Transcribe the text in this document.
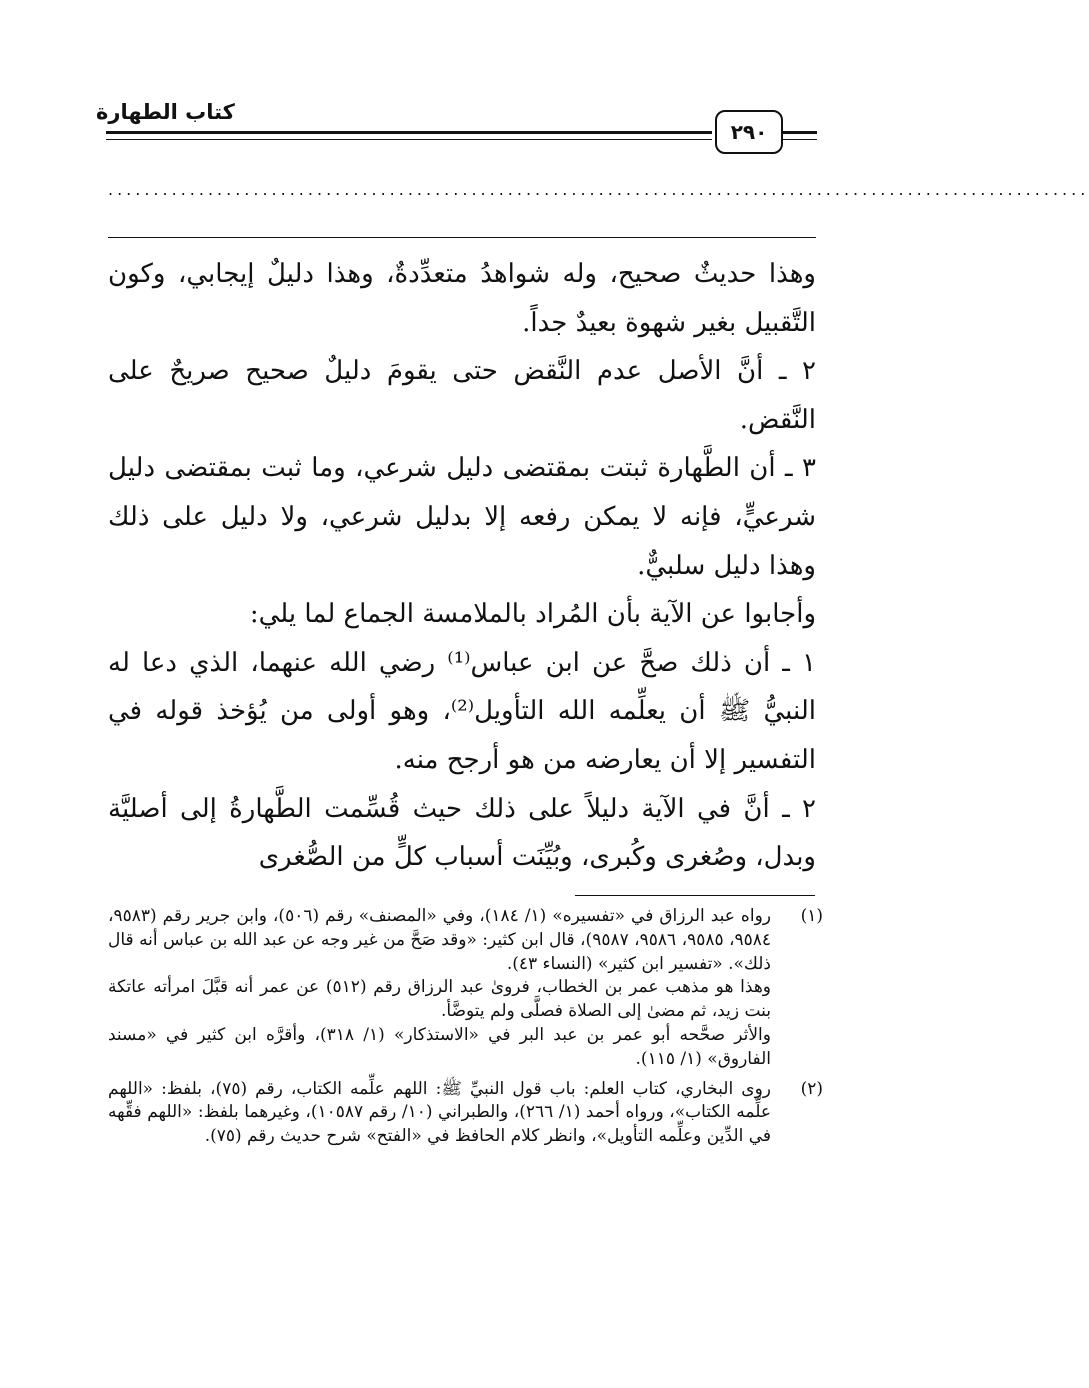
كتاب الطهارة
٢٩٠
............................................................................................................

وهذا حديثٌ صحيح، وله شواهدُ متعدِّدةٌ، وهذا دليلٌ إيجابي، وكون التَّقبيل بغير شهوة بعيدٌ جداً.

٢ ـ أنَّ الأصل عدم النَّقض حتى يقومَ دليلٌ صحيح صريحٌ على النَّقض.

٣ ـ أن الطَّهارة ثبتت بمقتضى دليل شرعي، وما ثبت بمقتضى دليل شرعيٍّ، فإنه لا يمكن رفعه إلا بدليل شرعي، ولا دليل على ذلك وهذا دليل سلبيٌّ.

وأجابوا عن الآية بأن المُراد بالملامسة الجماع لما يلي:

١ ـ أن ذلك صحَّ عن ابن عباس⁽¹⁾ رضي الله عنهما، الذي دعا له النبيُّ ﷺ أن يعلِّمه الله التأويل⁽²⁾، وهو أولى من يُؤخذ قوله في التفسير إلا أن يعارضه من هو أرجح منه.

٢ ـ أنَّ في الآية دليلاً على ذلك حيث قُسِّمت الطَّهارةُ إلى أصليَّة وبدل، وصُغرى وكُبرى، وبُيِّنَت أسباب كلٍّ من الصُّغرى

(١)

رواه عبد الرزاق في «تفسيره» (١/ ١٨٤)، وفي «المصنف» رقم (٥٠٦)، وابن جرير رقم (٩٥٨٣، ٩٥٨٤، ٩٥٨٥، ٩٥٨٦، ٩٥٨٧)، قال ابن كثير: «وقد صَحَّ من غير وجه عن عبد الله بن عباس أنه قال ذلك». «تفسير ابن كثير» (النساء ٤٣).

وهذا هو مذهب عمر بن الخطاب، فروىٰ عبد الرزاق رقم (٥١٢) عن عمر أنه قبَّلَ امرأته عاتكة بنت زيد، ثم مضىٰ إلى الصلاة فصلَّى ولم يتوضَّأ.

والأثر صحَّحه أبو عمر بن عبد البر في «الاستذكار» (١/ ٣١٨)، وأقرَّه ابن كثير في «مسند الفاروق» (١/ ١١٥).

(٢)

روى البخاري، كتاب العلم: باب قول النبيِّ ﷺ: اللهم علِّمه الكتاب، رقم (٧٥)، بلفظ: «اللهم علِّمه الكتاب»، ورواه أحمد (١/ ٢٦٦)، والطبراني (١٠/ رقم ١٠٥٨٧)، وغيرهما بلفظ: «اللهم فقِّهه في الدِّين وعلِّمه التأويل»، وانظر كلام الحافظ في «الفتح» شرح حديث رقم (٧٥).
